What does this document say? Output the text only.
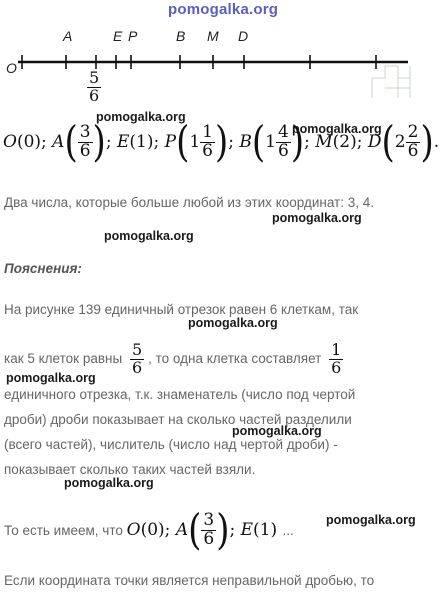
pomogalka.org
O
A	E P	B M D
$\frac{5}{6}$
O(0); $A( \frac{3}{6}$ ); E(1); $P(1 \frac{1}{6}$ ); $B(1 \frac{4}{6}$ ); M(2); $D(2 \frac{2}{6}$ ).
Два числа, которые больше любой из этих координат: 3, 4.
Пояснения:
На рисунке 139 единичный отрезок равен 6 клеткам, так
как 5 клеток равны $\frac{5}{6}$ , то одна клетка составляет $\frac{1}{6}$
единичного отрезка, т.к. знаменатель (число под чертой
дроби) дроби показывает на сколько частей разделили
(всего частей), числитель (число над чертой дроби) -
показывает сколько таких частей взяли.
То есть имеем, что O(0); $A( \frac{3}{6}$ ); E(1) ...
Если координата точки является неправильной дробью, то
pomogalka.org
pomogalka.org
pomogalka.org
pomogalka.org
pomogalka.org
pomogalka.org
pomogalka.org
pomogalka.org
pomogalka.org
